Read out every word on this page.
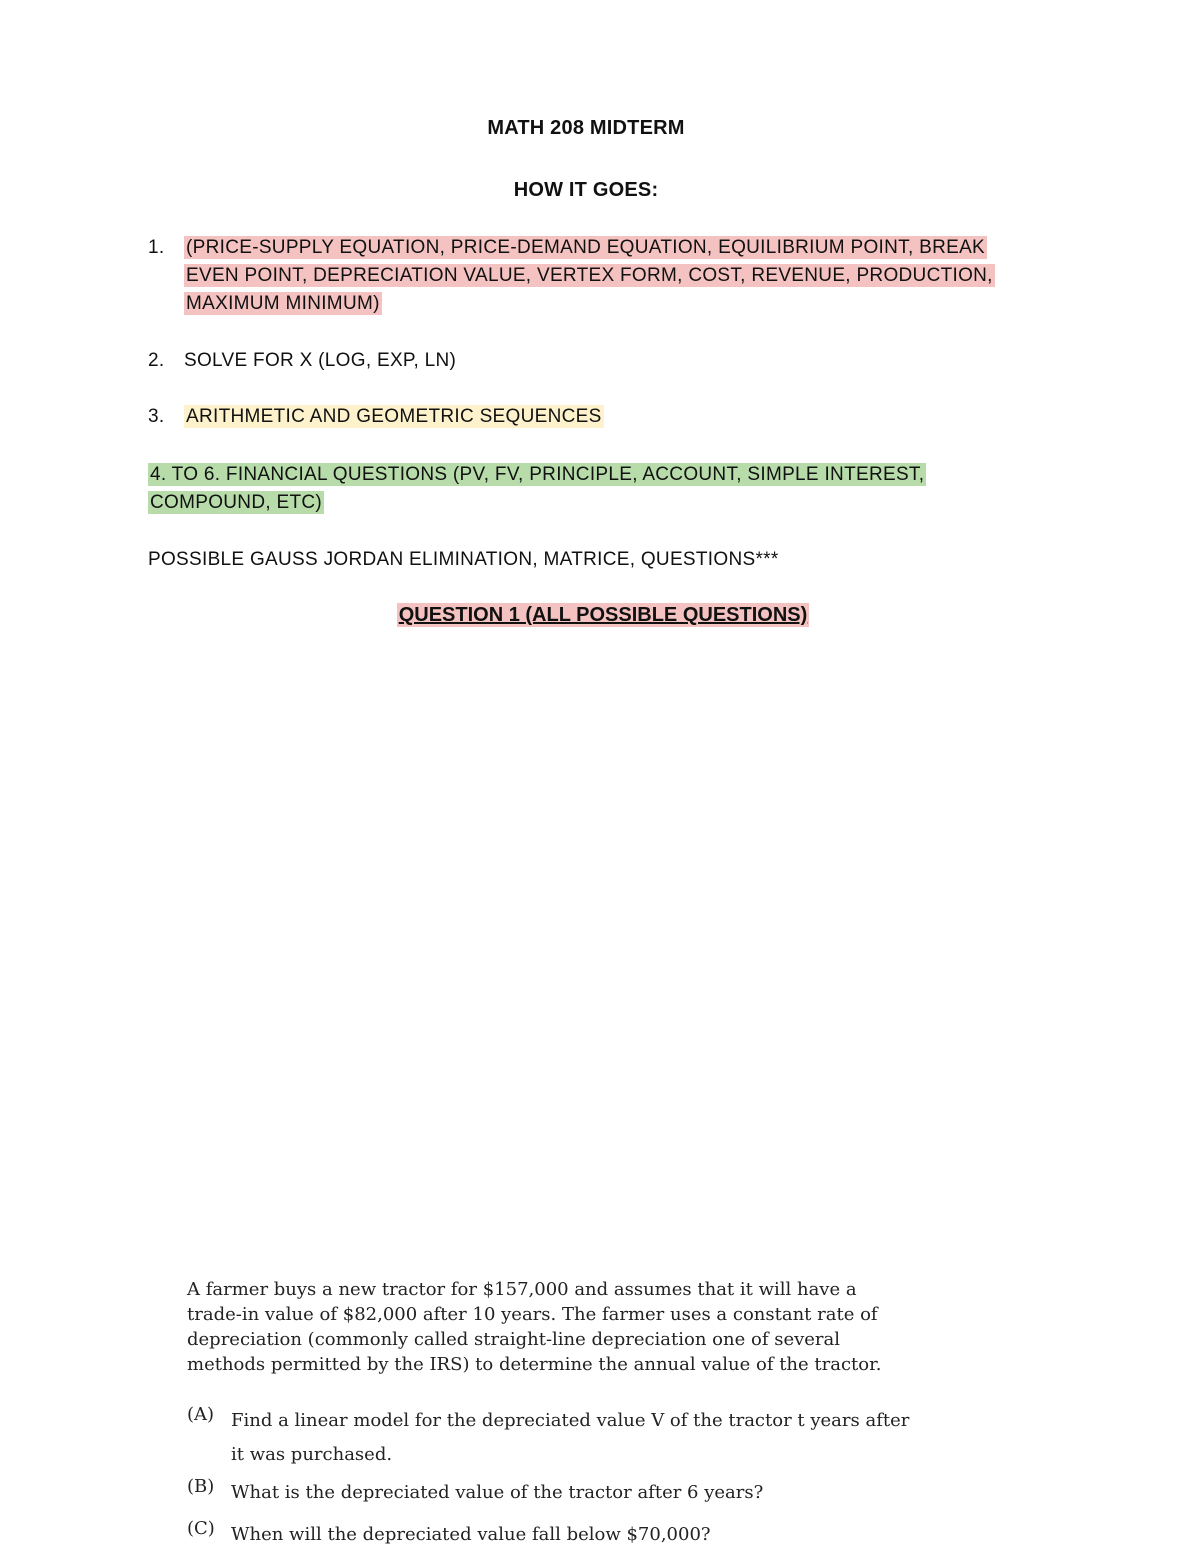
MATH 208 MIDTERM
HOW IT GOES:
1.	(PRICE-SUPPLY EQUATION, PRICE-DEMAND EQUATION, EQUILIBRIUM POINT, BREAK EVEN POINT, DEPRECIATION VALUE, VERTEX FORM, COST, REVENUE, PRODUCTION, MAXIMUM MINIMUM)
2.	SOLVE FOR X (LOG, EXP, LN)
3.	ARITHMETIC AND GEOMETRIC SEQUENCES
4. TO 6. FINANCIAL QUESTIONS (PV, FV, PRINCIPLE, ACCOUNT, SIMPLE INTEREST, COMPOUND, ETC)
POSSIBLE GAUSS JORDAN ELIMINATION, MATRICE, QUESTIONS***
QUESTION 1 (ALL POSSIBLE QUESTIONS)

A farmer buys a new tractor for $157,000 and assumes that it will have a trade-in value of $82,000 after 10 years. The farmer uses a constant rate of depreciation (commonly called straight-line depreciation one of several methods permitted by the IRS) to determine the annual value of the tractor.

(A) Find a linear model for the depreciated value V of the tractor t years after it was purchased.
(B) What is the depreciated value of the tractor after 6 years?
(C) When will the depreciated value fall below $70,000?
